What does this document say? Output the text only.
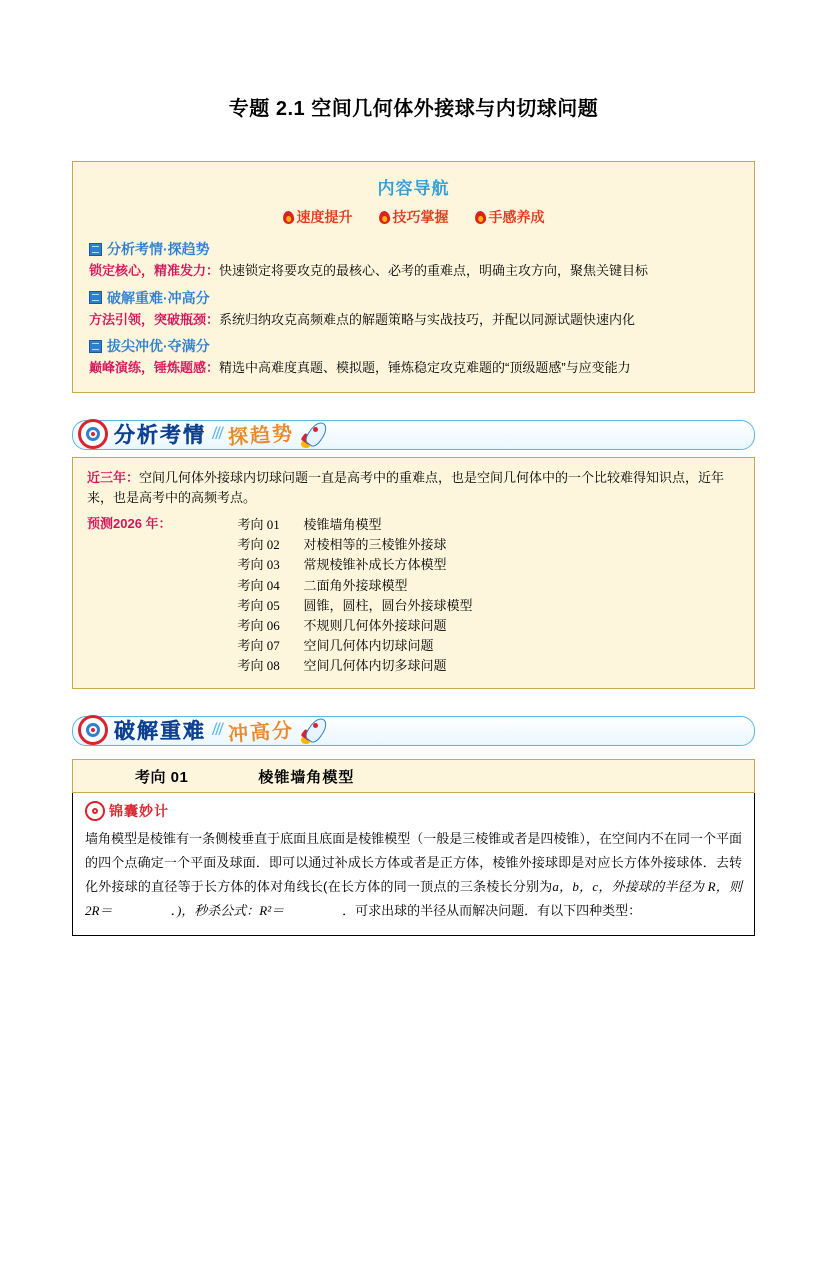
专题 2.1 空间几何体外接球与内切球问题
内容导航
速度提升	技巧掌握	手感养成
分析考情·探趋势
锁定核心，精准发力：快速锁定将要攻克的最核心、必考的重难点，明确主攻方向，聚焦关键目标
破解重难·冲高分
方法引领，突破瓶颈：系统归纳攻克高频难点的解题策略与实战技巧，并配以同源试题快速内化
拔尖冲优·夺满分
巅峰演练，锤炼题感：精选中高难度真题、模拟题，锤炼稳定攻克难题的“顶级题感”与应变能力
分析考情 /// 探趋势
近三年：空间几何体外接球内切球问题一直是高考中的重难点，也是空间几何体中的一个比较难得知识点，近年来，也是高考中的高频考点。
预测2026 年：	考向 01	棱锥墙角模型
考向 02	对棱相等的三棱锥外接球
考向 03	常规棱锥补成长方体模型
考向 04	二面角外接球模型
考向 05	圆锥，圆柱，圆台外接球模型
考向 06	不规则几何体外接球问题
考向 07	空间几何体内切球问题
考向 08	空间几何体内切多球问题
破解重难 /// 冲高分
考向 01	棱锥墙角模型
锦囊妙计
墙角模型是棱锥有一条侧棱垂直于底面且底面是棱锥模型（一般是三棱锥或者是四棱锥），在空间内不在同一个平面的四个点确定一个平面及球面．即可以通过补成长方体或者是正方体，棱锥外接球即是对应长方体外接球体．去转化外接球的直径等于长方体的体对角线长(在长方体的同一顶点的三条棱长分别为a，b，c，外接球的半径为 R，则 2R＝	．)，秒杀公式：R²＝	．可求出球的半径从而解决问题．有以下四种类型：
